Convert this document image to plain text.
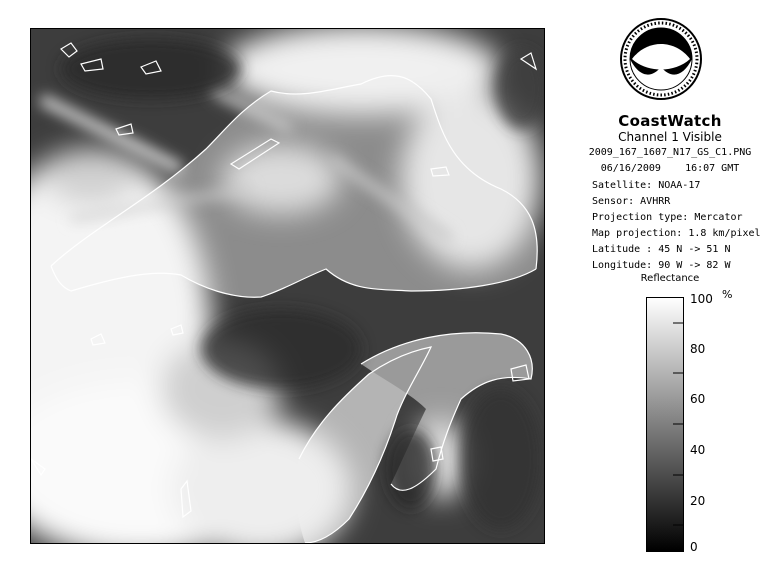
NOAA
CoastWatch
Channel 1 Visible
2009_167_1607_N17_GS_C1.PNG
06/16/2009 16:07 GMT
Satellite: NOAA-17
Sensor: AVHRR
Projection type: Mercator
Map projection: 1.8 km/pixel
Latitude : 45 N -> 51 N
Longitude: 90 W -> 82 W
Reflectance
%
100
80
60
40
20
0
